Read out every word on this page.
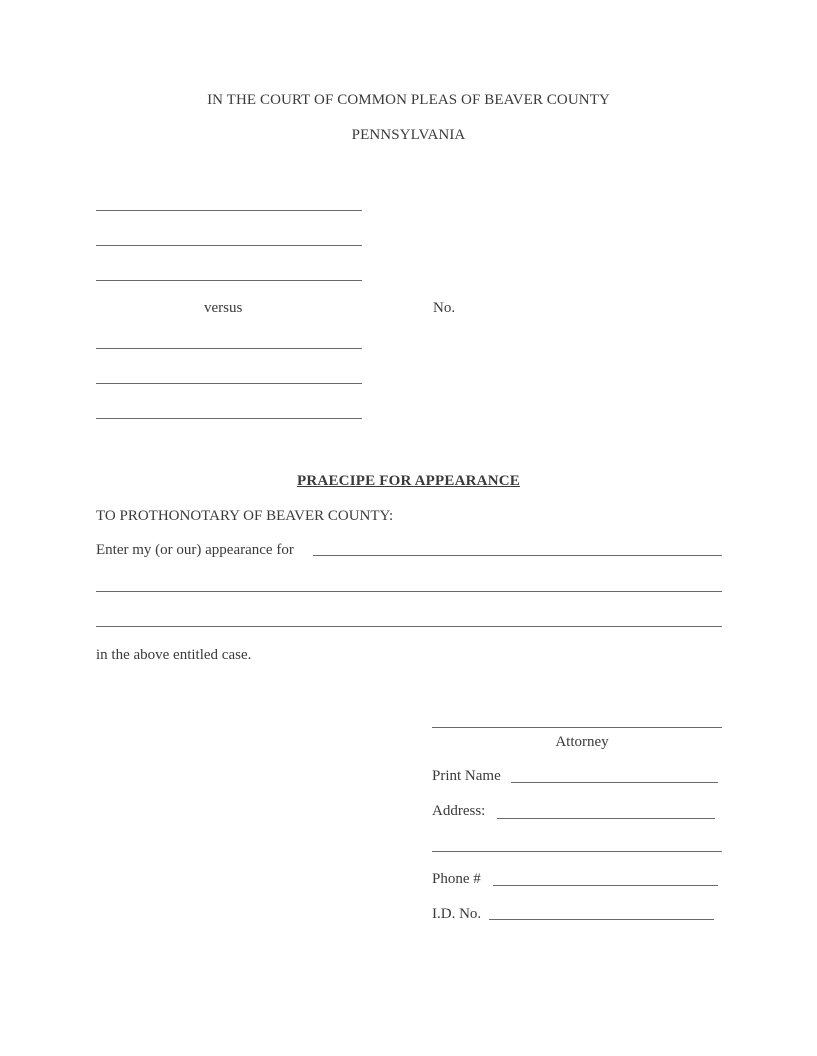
IN THE COURT OF COMMON PLEAS OF BEAVER COUNTY
PENNSYLVANIA
versus	No.
PRAECIPE FOR APPEARANCE
TO PROTHONOTARY OF BEAVER COUNTY:
Enter my (or our) appearance for
in the above entitled case.
Attorney
Print Name
Address:
Phone #
I.D. No.
